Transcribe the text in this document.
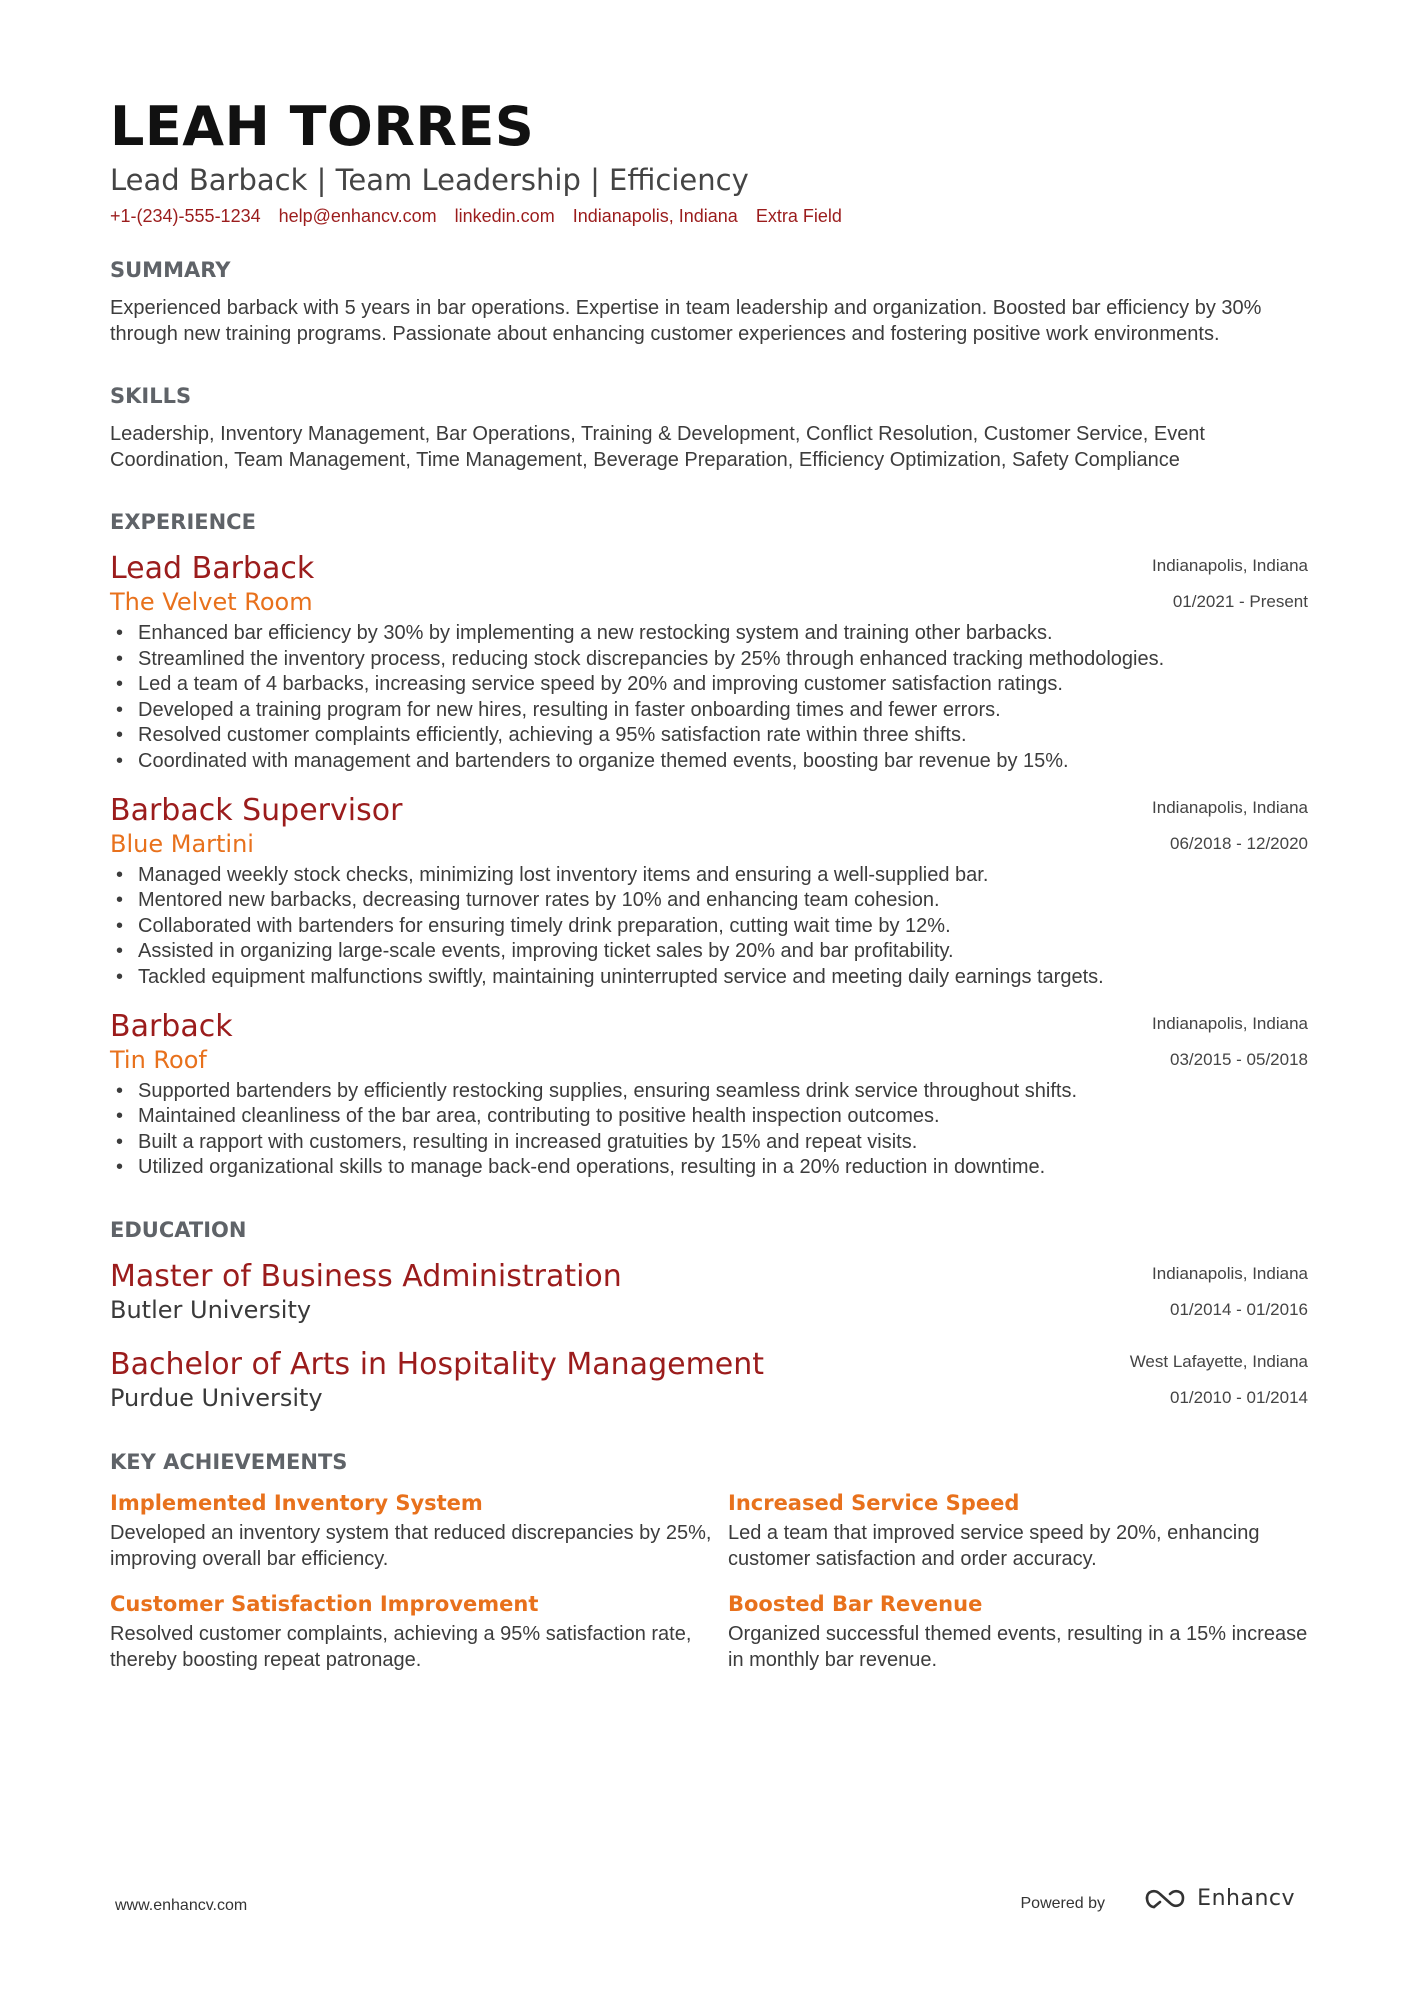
LEAH TORRES
Lead Barback | Team Leadership | Efficiency
+1-(234)-555-1234 help@enhancv.com linkedin.com Indianapolis, Indiana Extra Field
SUMMARY
Experienced barback with 5 years in bar operations. Expertise in team leadership and organization. Boosted bar efficiency by 30% through new training programs. Passionate about enhancing customer experiences and fostering positive work environments.
SKILLS
Leadership, Inventory Management, Bar Operations, Training & Development, Conflict Resolution, Customer Service, Event Coordination, Team Management, Time Management, Beverage Preparation, Efficiency Optimization, Safety Compliance
EXPERIENCE
Lead Barback
The Velvet Room
Indianapolis, Indiana
01/2021 - Present
• Enhanced bar efficiency by 30% by implementing a new restocking system and training other barbacks.
• Streamlined the inventory process, reducing stock discrepancies by 25% through enhanced tracking methodologies.
• Led a team of 4 barbacks, increasing service speed by 20% and improving customer satisfaction ratings.
• Developed a training program for new hires, resulting in faster onboarding times and fewer errors.
• Resolved customer complaints efficiently, achieving a 95% satisfaction rate within three shifts.
• Coordinated with management and bartenders to organize themed events, boosting bar revenue by 15%.
Barback Supervisor
Blue Martini
Indianapolis, Indiana
06/2018 - 12/2020
• Managed weekly stock checks, minimizing lost inventory items and ensuring a well-supplied bar.
• Mentored new barbacks, decreasing turnover rates by 10% and enhancing team cohesion.
• Collaborated with bartenders for ensuring timely drink preparation, cutting wait time by 12%.
• Assisted in organizing large-scale events, improving ticket sales by 20% and bar profitability.
• Tackled equipment malfunctions swiftly, maintaining uninterrupted service and meeting daily earnings targets.
Barback
Tin Roof
Indianapolis, Indiana
03/2015 - 05/2018
• Supported bartenders by efficiently restocking supplies, ensuring seamless drink service throughout shifts.
• Maintained cleanliness of the bar area, contributing to positive health inspection outcomes.
• Built a rapport with customers, resulting in increased gratuities by 15% and repeat visits.
• Utilized organizational skills to manage back-end operations, resulting in a 20% reduction in downtime.
EDUCATION
Master of Business Administration
Butler University
Indianapolis, Indiana
01/2014 - 01/2016
Bachelor of Arts in Hospitality Management
Purdue University
West Lafayette, Indiana
01/2010 - 01/2014
KEY ACHIEVEMENTS
Implemented Inventory System
Developed an inventory system that reduced discrepancies by 25%, improving overall bar efficiency.
Increased Service Speed
Led a team that improved service speed by 20%, enhancing customer satisfaction and order accuracy.
Customer Satisfaction Improvement
Resolved customer complaints, achieving a 95% satisfaction rate, thereby boosting repeat patronage.
Boosted Bar Revenue
Organized successful themed events, resulting in a 15% increase in monthly bar revenue.
www.enhancv.com	Powered by	Enhancv
